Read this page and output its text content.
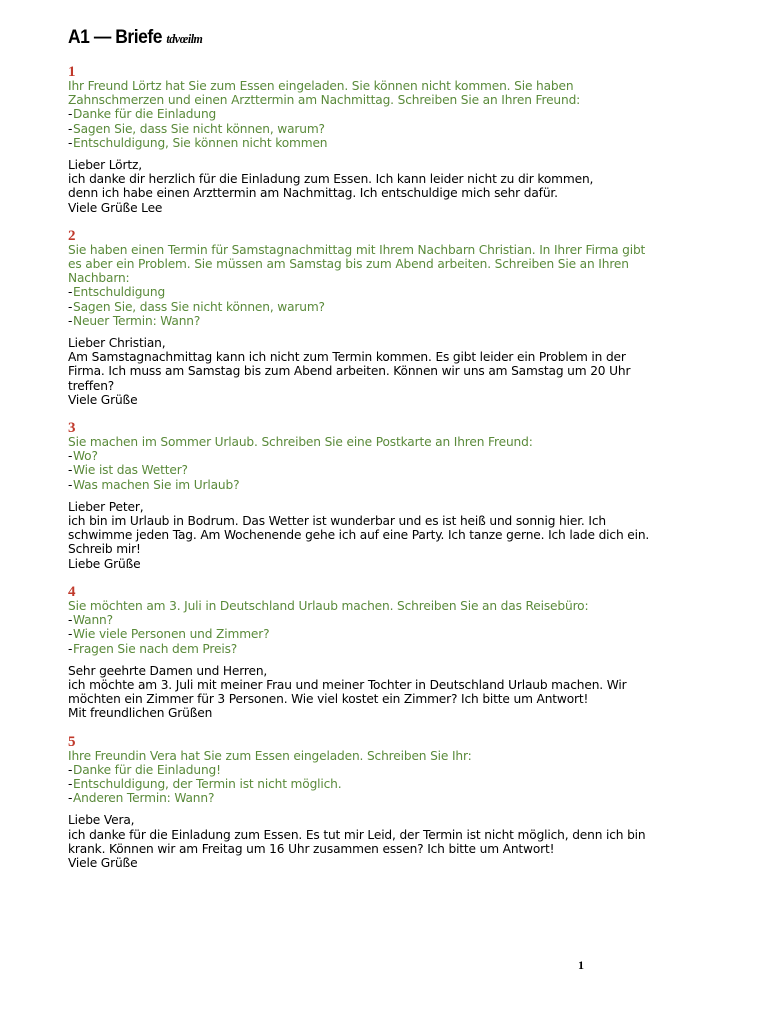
A1 — Briefe tdvœilm
1
Ihr Freund Lörtz hat Sie zum Essen eingeladen. Sie können nicht kommen. Sie haben
Zahnschmerzen und einen Arzttermin am Nachmittag. Schreiben Sie an Ihren Freund:
- Danke für die Einladung
- Sagen Sie, dass Sie nicht können, warum?
- Entschuldigung, Sie können nicht kommen
Lieber Lörtz,
ich danke dir herzlich für die Einladung zum Essen. Ich kann leider nicht zu dir kommen,
denn ich habe einen Arzttermin am Nachmittag. Ich entschuldige mich sehr dafür.
Viele Grüße Lee
2
Sie haben einen Termin für Samstagnachmittag mit Ihrem Nachbarn Christian. In Ihrer Firma gibt
es aber ein Problem. Sie müssen am Samstag bis zum Abend arbeiten. Schreiben Sie an Ihren
Nachbarn:
- Entschuldigung
- Sagen Sie, dass Sie nicht können, warum?
- Neuer Termin: Wann?
Lieber Christian,
Am Samstagnachmittag kann ich nicht zum Termin kommen. Es gibt leider ein Problem in der
Firma. Ich muss am Samstag bis zum Abend arbeiten. Können wir uns am Samstag um 20 Uhr
treffen?
Viele Grüße
3
Sie machen im Sommer Urlaub. Schreiben Sie eine Postkarte an Ihren Freund:
- Wo?
- Wie ist das Wetter?
- Was machen Sie im Urlaub?
Lieber Peter,
ich bin im Urlaub in Bodrum. Das Wetter ist wunderbar und es ist heiß und sonnig hier. Ich
schwimme jeden Tag. Am Wochenende gehe ich auf eine Party. Ich tanze gerne. Ich lade dich ein.
Schreib mir!
Liebe Grüße
4
Sie möchten am 3. Juli in Deutschland Urlaub machen. Schreiben Sie an das Reisebüro:
- Wann?
- Wie viele Personen und Zimmer?
- Fragen Sie nach dem Preis?
Sehr geehrte Damen und Herren,
ich möchte am 3. Juli mit meiner Frau und meiner Tochter in Deutschland Urlaub machen. Wir
möchten ein Zimmer für 3 Personen. Wie viel kostet ein Zimmer? Ich bitte um Antwort!
Mit freundlichen Grüßen
5
Ihre Freundin Vera hat Sie zum Essen eingeladen. Schreiben Sie Ihr:
- Danke für die Einladung!
- Entschuldigung, der Termin ist nicht möglich.
- Anderen Termin: Wann?
Liebe Vera,
ich danke für die Einladung zum Essen. Es tut mir Leid, der Termin ist nicht möglich, denn ich bin
krank. Können wir am Freitag um 16 Uhr zusammen essen? Ich bitte um Antwort!
Viele Grüße
1
